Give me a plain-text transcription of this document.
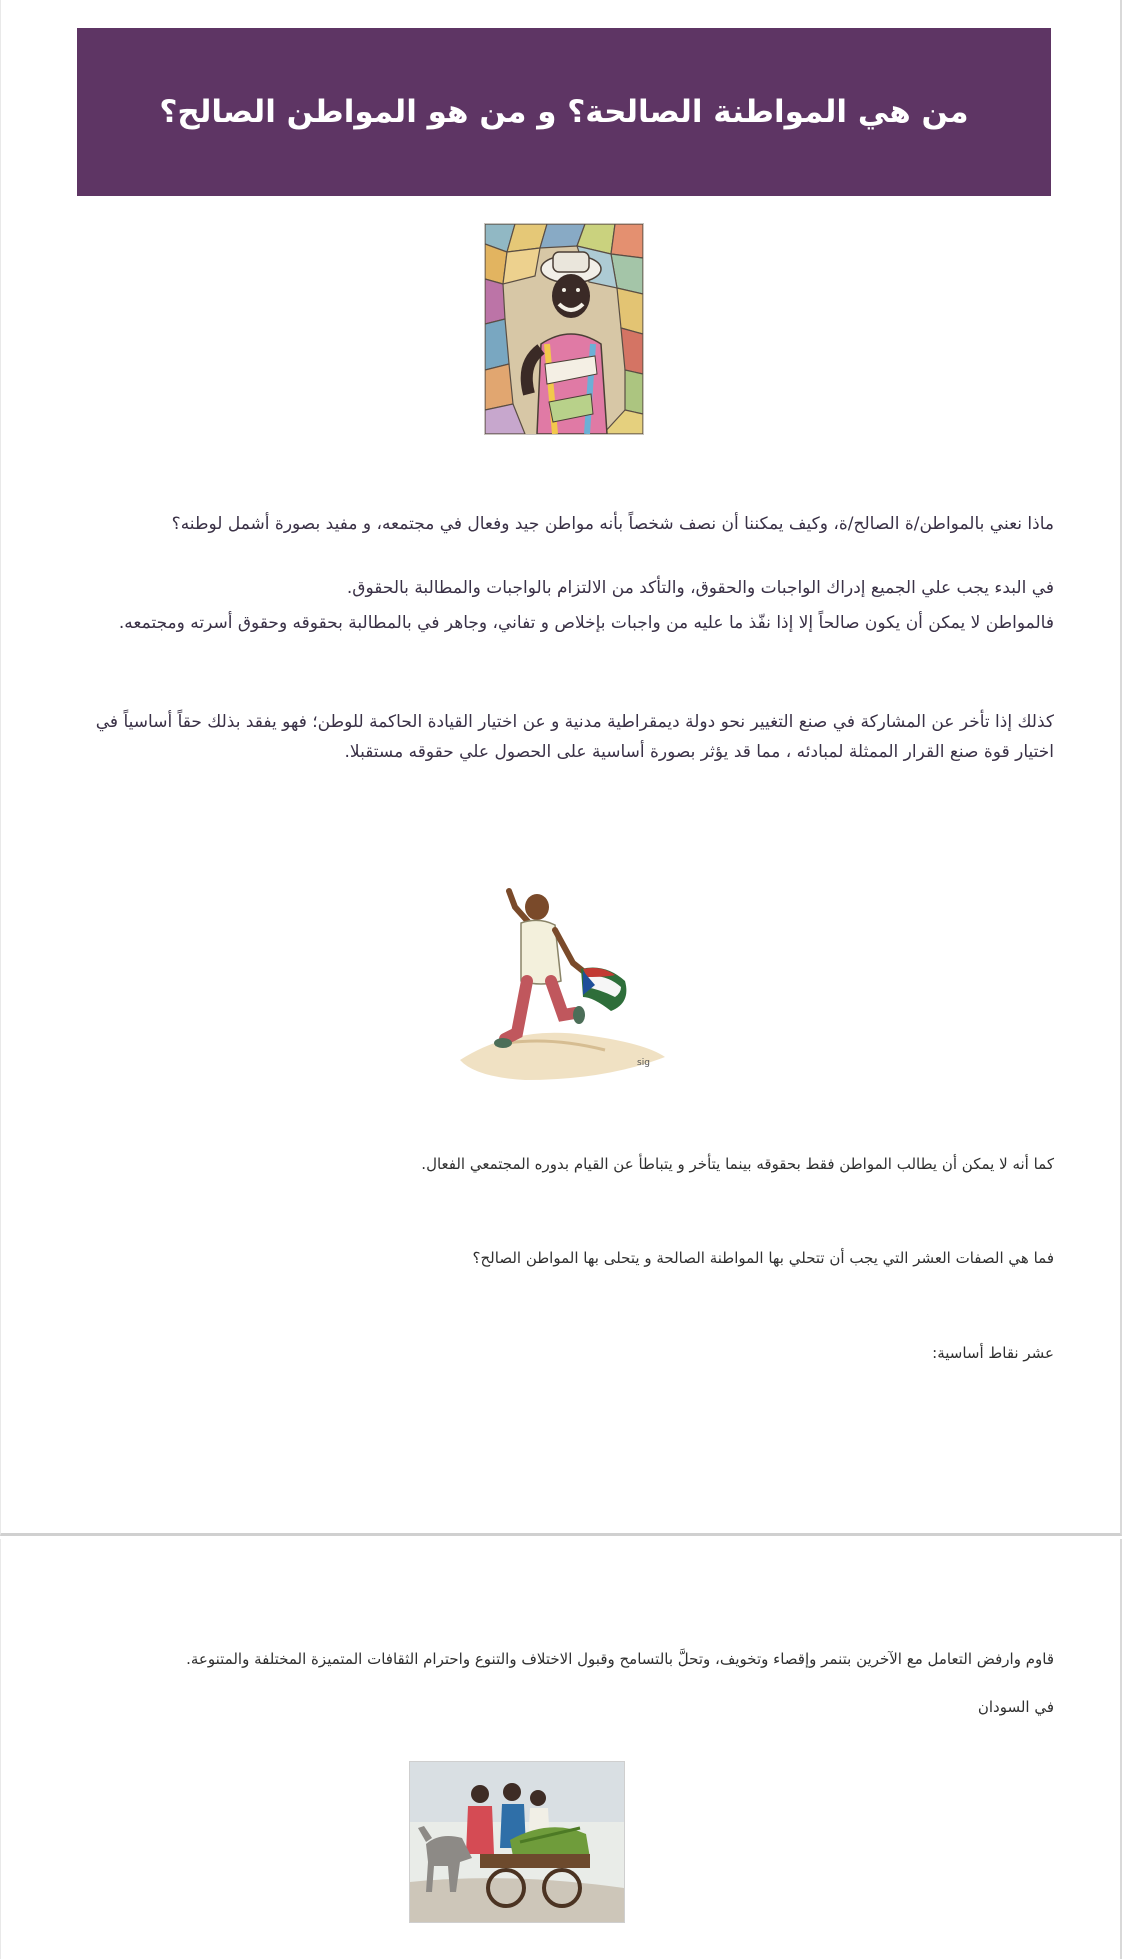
من هي المواطنة الصالحة؟ و من هو المواطن الصالح؟

ماذا نعني بالمواطن/ة الصالح/ة، وكيف يمكننا أن نصف شخصاً بأنه مواطن جيد وفعال في مجتمعه، و مفيد بصورة أشمل لوطنه؟

في البدء يجب علي الجميع إدراك الواجبات والحقوق، والتأكد من الالتزام بالواجبات والمطالبة بالحقوق.

فالمواطن لا يمكن أن يكون صالحاً إلا إذا نفّذ ما عليه من واجبات بإخلاص و تفاني، وجاهر في بالمطالبة بحقوقه وحقوق أسرته ومجتمعه.

كذلك إذا تأخر عن المشاركة في صنع التغيير نحو دولة ديمقراطية مدنية و عن اختيار القيادة الحاكمة للوطن؛ فهو يفقد بذلك حقاً أساسياً في اختيار قوة صنع القرار الممثلة لمبادئه ، مما قد يؤثر بصورة أساسية على الحصول علي حقوقه مستقبلا.

sig

كما أنه لا يمكن أن يطالب المواطن فقط بحقوقه بينما يتأخر و يتباطأ عن القيام بدوره المجتمعي الفعال.

فما هي الصفات العشر التي يجب أن تتحلي بها المواطنة الصالحة و يتحلى بها المواطن الصالح؟

عشر نقاط أساسية:

قاوم وارفض التعامل مع الآخرين بتنمر وإقصاء وتخويف، وتحلَّ بالتسامح وقبول الاختلاف والتنوع واحترام الثقافات المتميزة المختلفة والمتنوعة.

في السودان
